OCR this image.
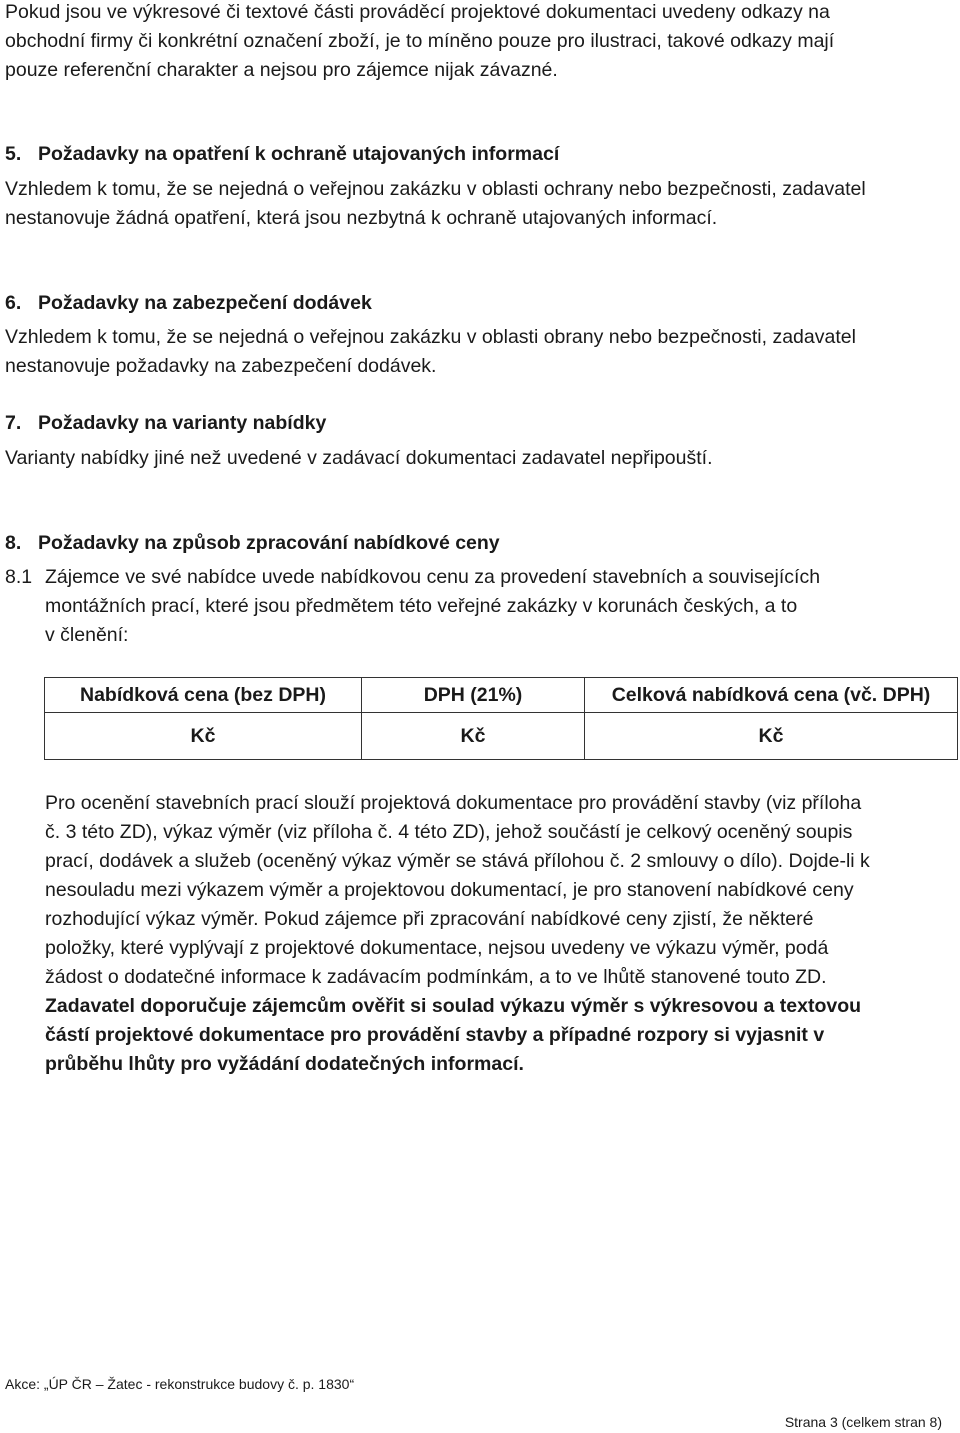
Pokud jsou ve výkresové či textové části prováděcí projektové dokumentaci uvedeny odkazy na

obchodní firmy či konkrétní označení zboží, je to míněno pouze pro ilustraci, takové odkazy mají

pouze referenční charakter a nejsou pro zájemce nijak závazné.

5. Požadavky na opatření k ochraně utajovaných informací

Vzhledem k tomu, že se nejedná o veřejnou zakázku v oblasti ochrany nebo bezpečnosti, zadavatel

nestanovuje žádná opatření, která jsou nezbytná k ochraně utajovaných informací.

6. Požadavky na zabezpečení dodávek

Vzhledem k tomu, že se nejedná o veřejnou zakázku v oblasti obrany nebo bezpečnosti, zadavatel

nestanovuje požadavky na zabezpečení dodávek.

7. Požadavky na varianty nabídky

Varianty nabídky jiné než uvedené v zadávací dokumentaci zadavatel nepřipouští.

8. Požadavky na způsob zpracování nabídkové ceny
8.1 Zájemce ve své nabídce uvede nabídkovou cenu za provedení stavebních a souvisejících

montážních prací, které jsou předmětem této veřejné zakázky v korunách českých, a to

v členění:

Nabídková cena (bez DPH)	DPH (21%)	Celková nabídková cena (vč. DPH)
Kč	Kč	Kč

Pro ocenění stavebních prací slouží projektová dokumentace pro provádění stavby (viz příloha

č. 3 této ZD), výkaz výměr (viz příloha č. 4 této ZD), jehož součástí je celkový oceněný soupis

prací, dodávek a služeb (oceněný výkaz výměr se stává přílohou č. 2 smlouvy o dílo). Dojde-li k

nesouladu mezi výkazem výměr a projektovou dokumentací, je pro stanovení nabídkové ceny

rozhodující výkaz výměr. Pokud zájemce při zpracování nabídkové ceny zjistí, že některé

položky, které vyplývají z projektové dokumentace, nejsou uvedeny ve výkazu výměr, podá

žádost o dodatečné informace k zadávacím podmínkám, a to ve lhůtě stanovené touto ZD.

Zadavatel doporučuje zájemcům ověřit si soulad výkazu výměr s výkresovou a textovou

částí projektové dokumentace pro provádění stavby a případné rozpory si vyjasnit v

průběhu lhůty pro vyžádání dodatečných informací.

Akce: „ÚP ČR – Žatec - rekonstrukce budovy č. p. 1830“
Strana 3 (celkem stran 8)
